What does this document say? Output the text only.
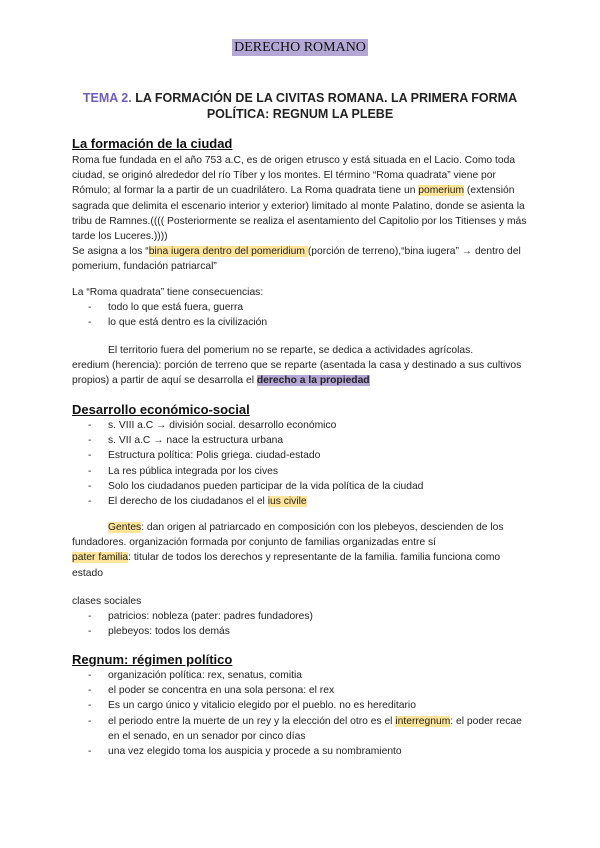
DERECHO ROMANO
TEMA 2. LA FORMACIÓN DE LA CIVITAS ROMANA. LA PRIMERA FORMA POLÍTICA: REGNUM LA PLEBE
La formación de la ciudad
Roma fue fundada en el año 753 a.C, es de origen etrusco y está situada en el Lacio. Como toda ciudad, se originó alrededor del río Tíber y los montes. El término “Roma quadrata” viene por Rómulo; al formar la a partir de un cuadrilátero. La Roma quadrata tiene un pomerium (extensión sagrada que delimita el escenario interior y exterior) limitado al monte Palatino, donde se asienta la tribu de Ramnes.(((( Posteriormente se realiza el asentamiento del Capitolio por los Titienses y más tarde los Luceres.))))
Se asigna a los “bina iugera dentro del pomeridium (porción de terreno),“bina iugera” → dentro del pomerium, fundación patriarcal”
La “Roma quadrata” tiene consecuencias:
- todo lo que está fuera, guerra
- lo que está dentro es la civilización
El territorio fuera del pomerium no se reparte, se dedica a actividades agrícolas.
eredium (herencia): porción de terreno que se reparte (asentada la casa y destinado a sus cultivos propios) a partir de aquí se desarrolla el derecho a la propiedad
Desarrollo económico-social
- s. VIII a.C → división social. desarrollo económico
- s. VII a.C → nace la estructura urbana
- Estructura política: Polis griega. ciudad-estado
- La res pública integrada por los cives
- Solo los ciudadanos pueden participar de la vida política de la ciudad
- El derecho de los ciudadanos el el ius civile
Gentes: dan origen al patriarcado en composición con los plebeyos, descienden de los fundadores. organización formada por conjunto de familias organizadas entre sí
pater familia: titular de todos los derechos y representante de la familia. familia funciona como estado
clases sociales
- patricios: nobleza (pater: padres fundadores)
- plebeyos: todos los demás
Regnum: régimen político
- organización política: rex, senatus, comitia
- el poder se concentra en una sola persona: el rex
- Es un cargo único y vitalicio elegido por el pueblo. no es hereditario
- el periodo entre la muerte de un rey y la elección del otro es el interregnum: el poder recae en el senado, en un senador por cinco días
- una vez elegido toma los auspicia y procede a su nombramiento
